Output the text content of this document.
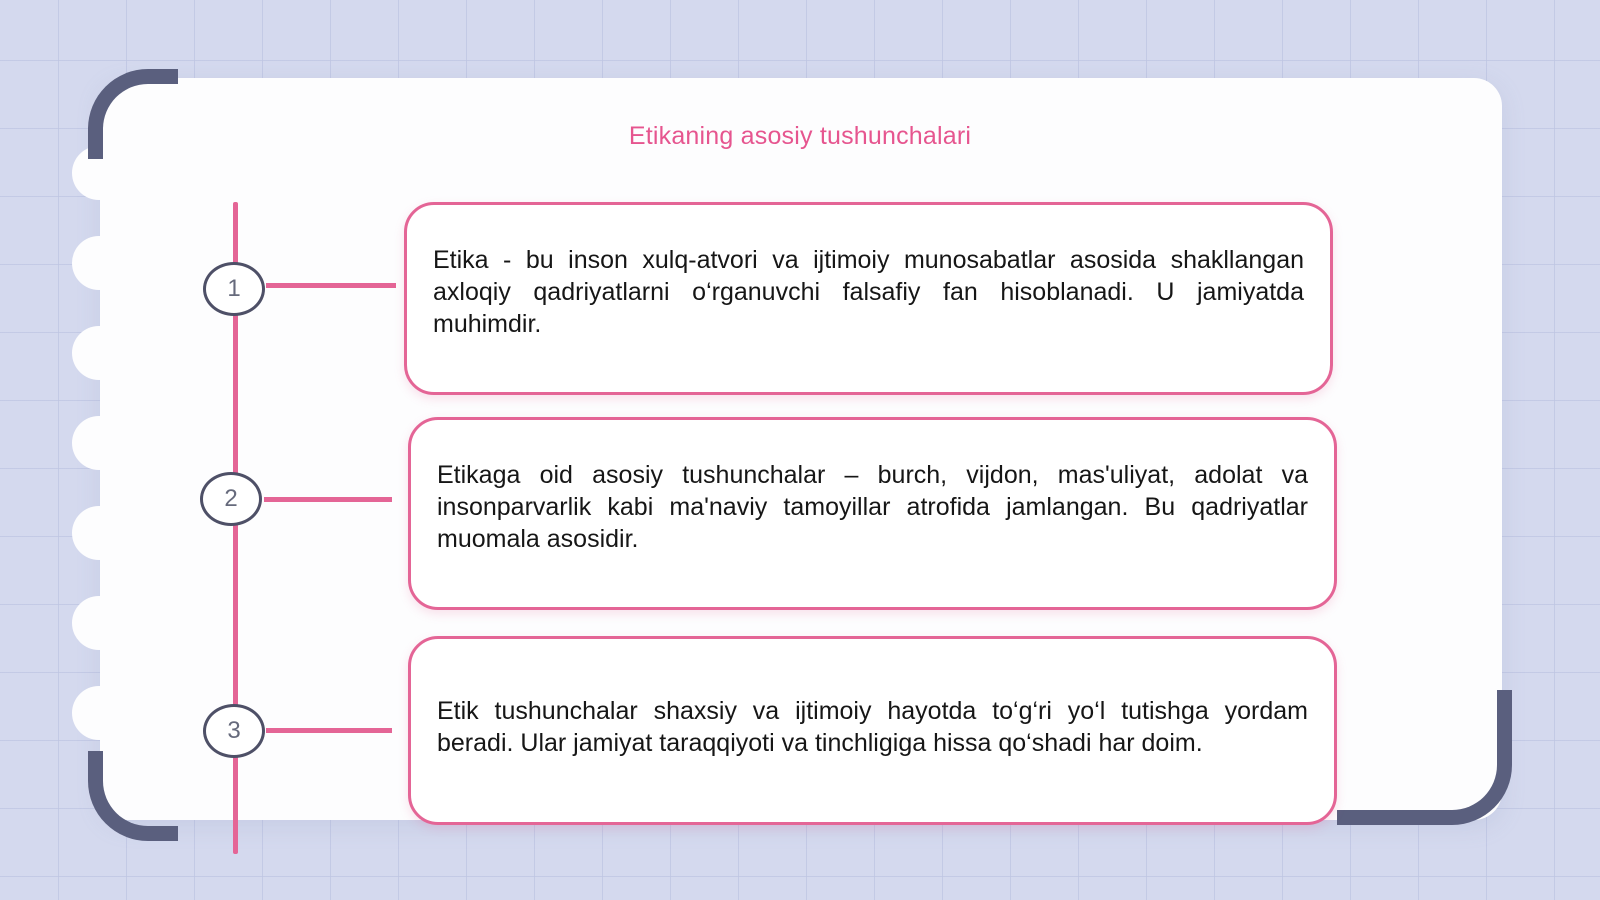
Etikaning asosiy tushunchalari
1
2
3

Etika - bu inson xulq-atvori va ijtimoiy munosabatlar asosida shakllangan axloqiy qadriyatlarni o‘rganuvchi falsafiy fan hisoblanadi. U jamiyatda muhimdir.

Etikaga oid asosiy tushunchalar – burch, vijdon, mas'uliyat, adolat va insonparvarlik kabi ma'naviy tamoyillar atrofida jamlangan. Bu qadriyatlar muomala asosidir.

Etik tushunchalar shaxsiy va ijtimoiy hayotda to‘g‘ri yo‘l tutishga yordam beradi. Ular jamiyat taraqqiyoti va tinchligiga hissa qo‘shadi har doim.
